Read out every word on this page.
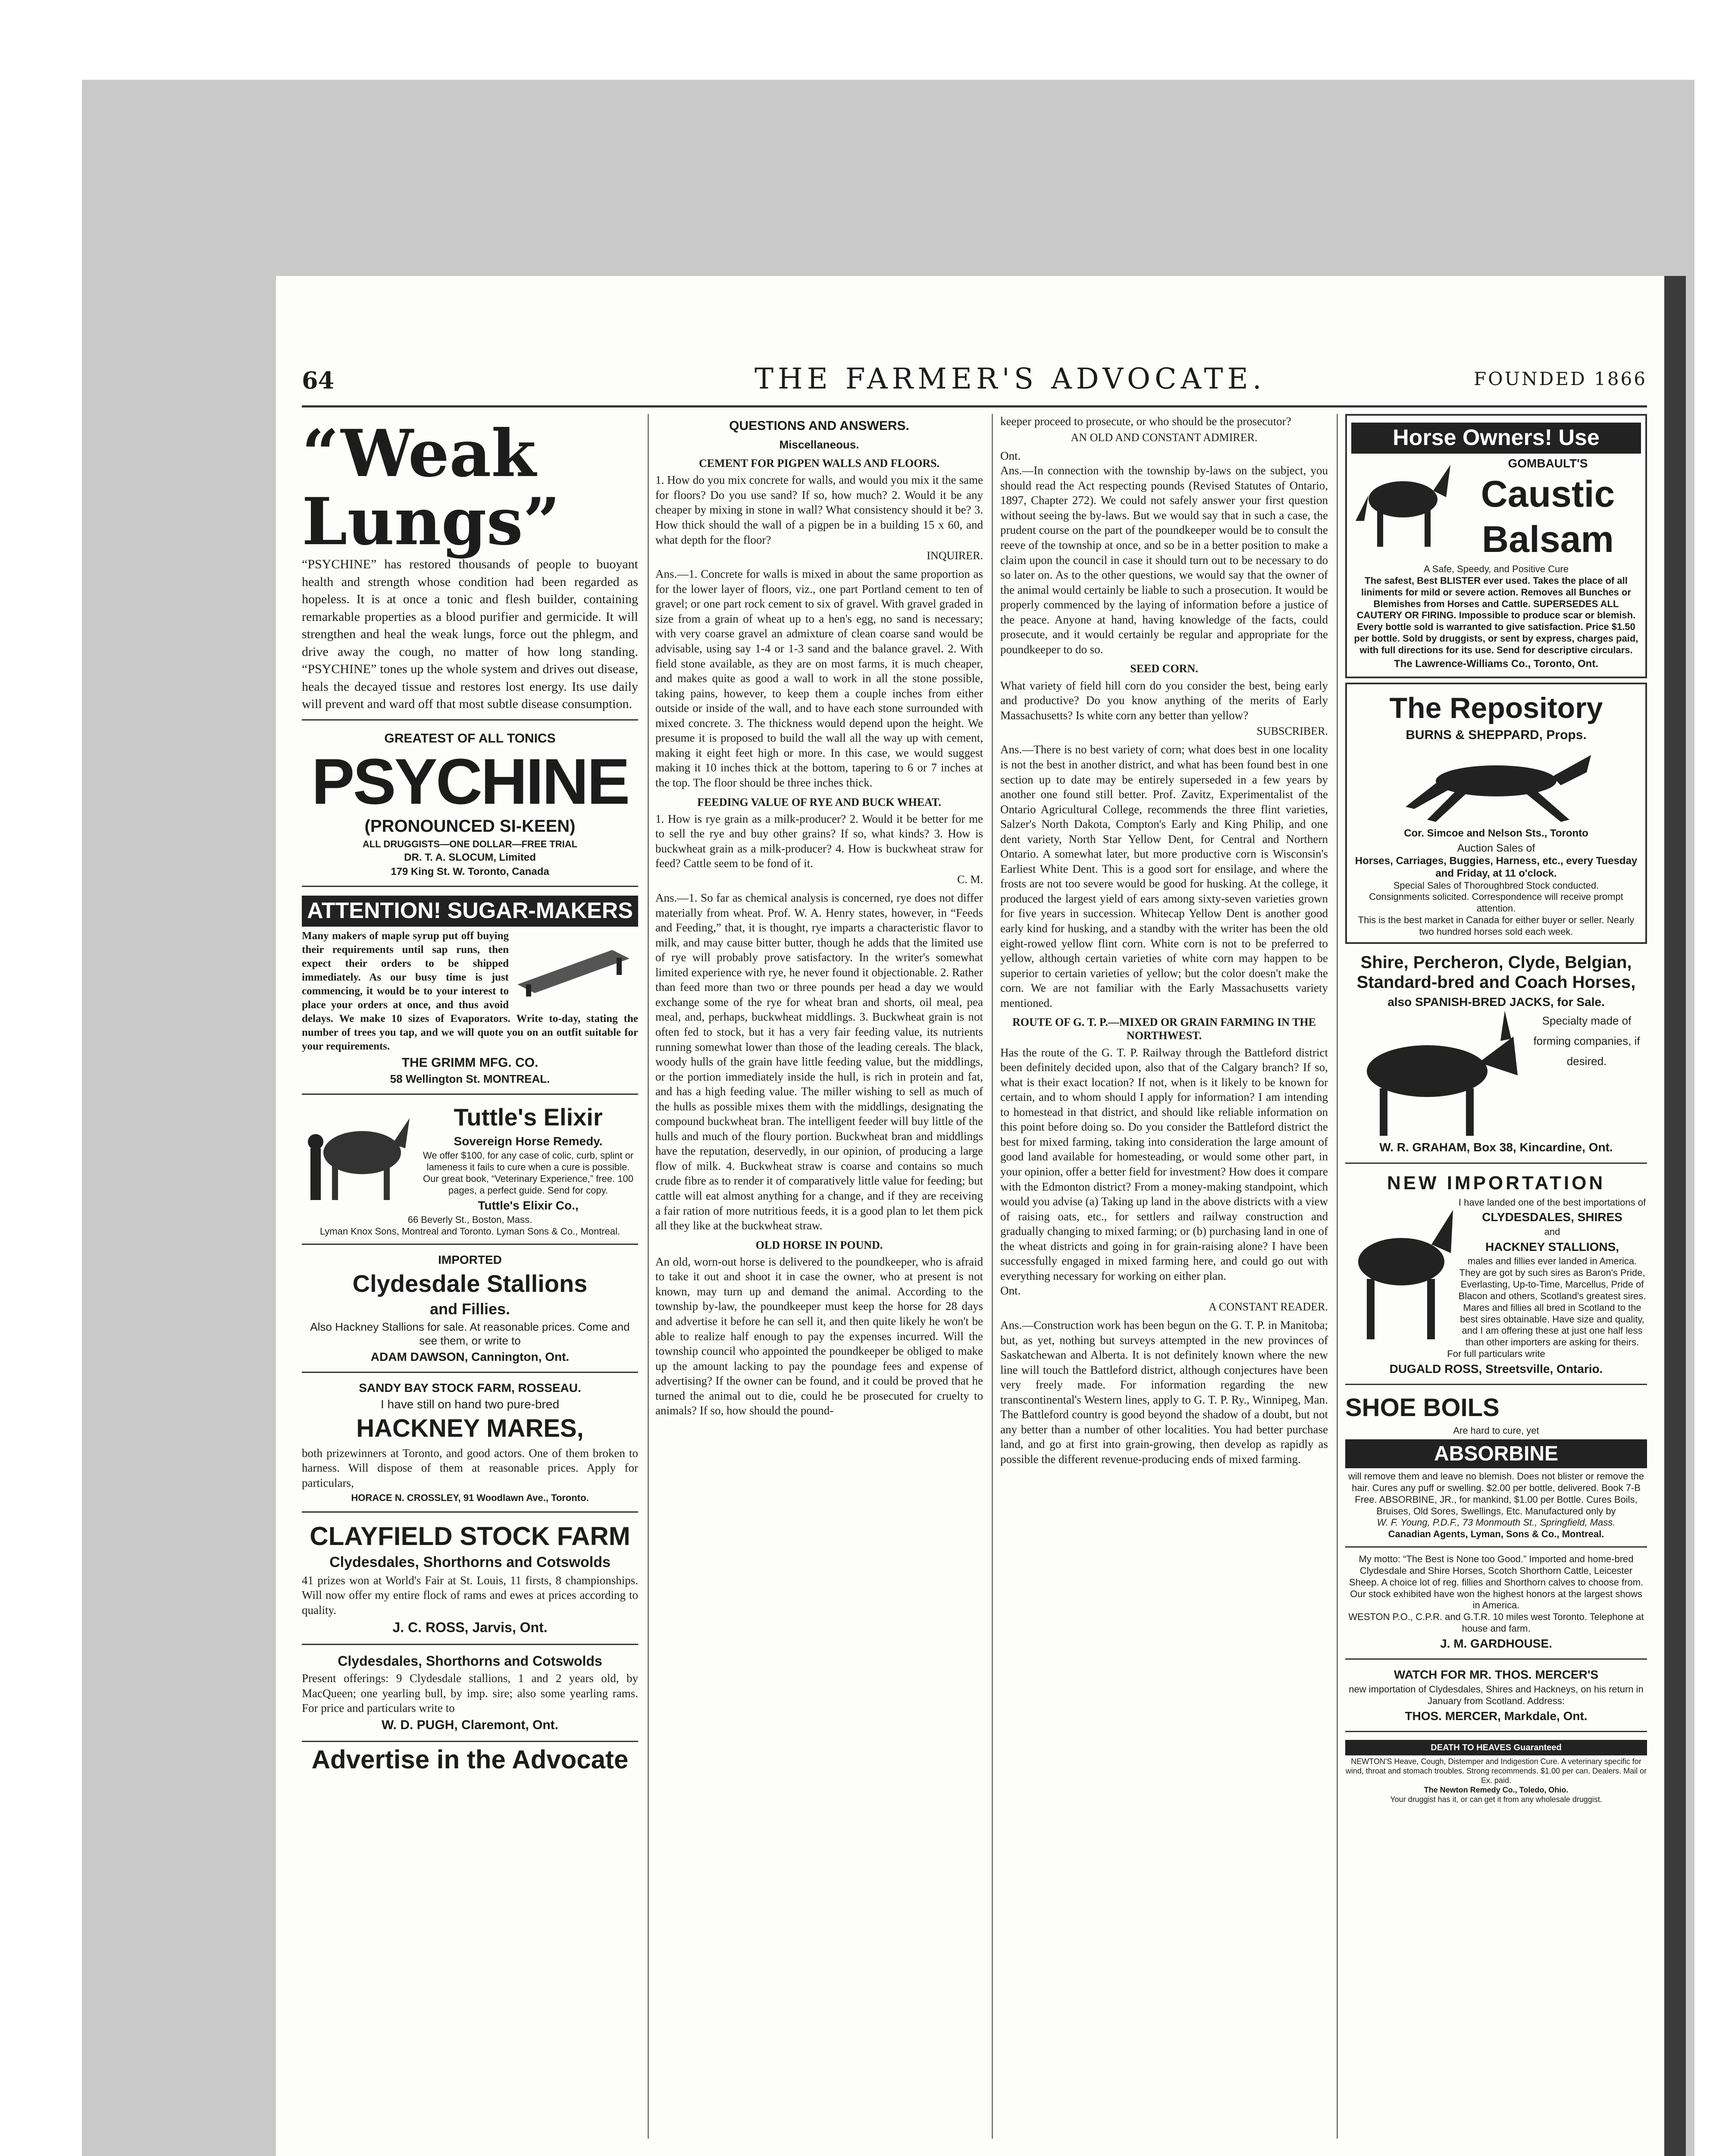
64	THE FARMER'S ADVOCATE.	FOUNDED 1866

“Weak Lungs”

“PSYCHINE” has restored thousands of people to buoyant health and strength whose condition had been regarded as hopeless. It is at once a tonic and flesh builder, containing remarkable properties as a blood purifier and germicide. It will strengthen and heal the weak lungs, force out the phlegm, and drive away the cough, no matter of how long standing. “PSYCHINE” tones up the whole system and drives out disease, heals the decayed tissue and restores lost energy. Its use daily will prevent and ward off that most subtle disease consumption.

GREATEST OF ALL TONICS

PSYCHINE

(PRONOUNCED SI-KEEN)

ALL DRUGGISTS—ONE DOLLAR—FREE TRIAL

DR. T. A. SLOCUM, Limited

179 King St. W. Toronto, Canada

ATTENTION! SUGAR-MAKERS

Many makers of maple syrup put off buying their requirements until sap runs, then expect their orders to be shipped immediately. As our busy time is just commencing, it would be to your interest to place your orders at once, and thus avoid delays. We make 10 sizes of Evaporators. Write to-day, stating the number of trees you tap, and we will quote you on an outfit suitable for your requirements.

THE GRIMM MFG. CO.

58 Wellington St. MONTREAL.

Tuttle's Elixir

Sovereign Horse Remedy.

We offer $100, for any case of colic, curb, splint or lameness it fails to cure when a cure is possible. Our great book, “Veterinary Experience,” free. 100 pages, a perfect guide. Send for copy.

Tuttle's Elixir Co.,

66 Beverly St., Boston, Mass.

Lyman Knox Sons, Montreal and Toronto. Lyman Sons & Co., Montreal.

IMPORTED

Clydesdale Stallions

and Fillies.

Also Hackney Stallions for sale. At reasonable prices. Come and see them, or write to

ADAM DAWSON, Cannington, Ont.

SANDY BAY STOCK FARM, ROSSEAU.

I have still on hand two pure-bred

HACKNEY MARES,

both prizewinners at Toronto, and good actors. One of them broken to harness. Will dispose of them at reasonable prices. Apply for particulars,

HORACE N. CROSSLEY, 91 Woodlawn Ave., Toronto.

CLAYFIELD STOCK FARM

Clydesdales, Shorthorns and Cotswolds

41 prizes won at World's Fair at St. Louis, 11 firsts, 8 championships. Will now offer my entire flock of rams and ewes at prices according to quality.

J. C. ROSS, Jarvis, Ont.

Clydesdales, Shorthorns and Cotswolds

Present offerings: 9 Clydesdale stallions, 1 and 2 years old, by MacQueen; one yearling bull, by imp. sire; also some yearling rams. For price and particulars write to

W. D. PUGH, Claremont, Ont.

Advertise in the Advocate

QUESTIONS AND ANSWERS.

Miscellaneous.

CEMENT FOR PIGPEN WALLS AND FLOORS.

1. How do you mix concrete for walls, and would you mix it the same for floors? Do you use sand? If so, how much? 2. Would it be any cheaper by mixing in stone in wall? What consistency should it be? 3. How thick should the wall of a pigpen be in a building 15 x 60, and what depth for the floor?

INQUIRER.

Ans.—1. Concrete for walls is mixed in about the same proportion as for the lower layer of floors, viz., one part Portland cement to ten of gravel; or one part rock cement to six of gravel. With gravel graded in size from a grain of wheat up to a hen's egg, no sand is necessary; with very coarse gravel an admixture of clean coarse sand would be advisable, using say 1-4 or 1-3 sand and the balance gravel. 2. With field stone available, as they are on most farms, it is much cheaper, and makes quite as good a wall to work in all the stone possible, taking pains, however, to keep them a couple inches from either outside or inside of the wall, and to have each stone surrounded with mixed concrete. 3. The thickness would depend upon the height. We presume it is proposed to build the wall all the way up with cement, making it eight feet high or more. In this case, we would suggest making it 10 inches thick at the bottom, tapering to 6 or 7 inches at the top. The floor should be three inches thick.

FEEDING VALUE OF RYE AND BUCK WHEAT.

1. How is rye grain as a milk-producer? 2. Would it be better for me to sell the rye and buy other grains? If so, what kinds? 3. How is buckwheat grain as a milk-producer? 4. How is buckwheat straw for feed? Cattle seem to be fond of it.

C. M.

Ans.—1. So far as chemical analysis is concerned, rye does not differ materially from wheat. Prof. W. A. Henry states, however, in “Feeds and Feeding,” that, it is thought, rye imparts a characteristic flavor to milk, and may cause bitter butter, though he adds that the limited use of rye will probably prove satisfactory. In the writer's somewhat limited experience with rye, he never found it objectionable. 2. Rather than feed more than two or three pounds per head a day we would exchange some of the rye for wheat bran and shorts, oil meal, pea meal, and, perhaps, buckwheat middlings. 3. Buckwheat grain is not often fed to stock, but it has a very fair feeding value, its nutrients running somewhat lower than those of the leading cereals. The black, woody hulls of the grain have little feeding value, but the middlings, or the portion immediately inside the hull, is rich in protein and fat, and has a high feeding value. The miller wishing to sell as much of the hulls as possible mixes them with the middlings, designating the compound buckwheat bran. The intelligent feeder will buy little of the hulls and much of the floury portion. Buckwheat bran and middlings have the reputation, deservedly, in our opinion, of producing a large flow of milk. 4. Buckwheat straw is coarse and contains so much crude fibre as to render it of comparatively little value for feeding; but cattle will eat almost anything for a change, and if they are receiving a fair ration of more nutritious feeds, it is a good plan to let them pick all they like at the buckwheat straw.

OLD HORSE IN POUND.

An old, worn-out horse is delivered to the poundkeeper, who is afraid to take it out and shoot it in case the owner, who at present is not known, may turn up and demand the animal. According to the township by-law, the poundkeeper must keep the horse for 28 days and advertise it before he can sell it, and then quite likely he won't be able to realize half enough to pay the expenses incurred. Will the township council who appointed the poundkeeper be obliged to make up the amount lacking to pay the poundage fees and expense of advertising? If the owner can be found, and it could be proved that he turned the animal out to die, could he be prosecuted for cruelty to animals? If so, how should the pound-

keeper proceed to prosecute, or who should be the prosecutor?

AN OLD AND CONSTANT ADMIRER.

Ont.

Ans.—In connection with the township by-laws on the subject, you should read the Act respecting pounds (Revised Statutes of Ontario, 1897, Chapter 272). We could not safely answer your first question without seeing the by-laws. But we would say that in such a case, the prudent course on the part of the poundkeeper would be to consult the reeve of the township at once, and so be in a better position to make a claim upon the council in case it should turn out to be necessary to do so later on. As to the other questions, we would say that the owner of the animal would certainly be liable to such a prosecution. It would be properly commenced by the laying of information before a justice of the peace. Anyone at hand, having knowledge of the facts, could prosecute, and it would certainly be regular and appropriate for the poundkeeper to do so.

SEED CORN.

What variety of field hill corn do you consider the best, being early and productive? Do you know anything of the merits of Early Massachusetts? Is white corn any better than yellow?

SUBSCRIBER.

Ans.—There is no best variety of corn; what does best in one locality is not the best in another district, and what has been found best in one section up to date may be entirely superseded in a few years by another one found still better. Prof. Zavitz, Experimentalist of the Ontario Agricultural College, recommends the three flint varieties, Salzer's North Dakota, Compton's Early and King Philip, and one dent variety, North Star Yellow Dent, for Central and Northern Ontario. A somewhat later, but more productive corn is Wisconsin's Earliest White Dent. This is a good sort for ensilage, and where the frosts are not too severe would be good for husking. At the college, it produced the largest yield of ears among sixty-seven varieties grown for five years in succession. Whitecap Yellow Dent is another good early kind for husking, and a standby with the writer has been the old eight-rowed yellow flint corn. White corn is not to be preferred to yellow, although certain varieties of white corn may happen to be superior to certain varieties of yellow; but the color doesn't make the corn. We are not familiar with the Early Massachusetts variety mentioned.

ROUTE OF G. T. P.—MIXED OR GRAIN FARMING IN THE NORTHWEST.

Has the route of the G. T. P. Railway through the Battleford district been definitely decided upon, also that of the Calgary branch? If so, what is their exact location? If not, when is it likely to be known for certain, and to whom should I apply for information? I am intending to homestead in that district, and should like reliable information on this point before doing so. Do you consider the Battleford district the best for mixed farming, taking into consideration the large amount of good land available for homesteading, or would some other part, in your opinion, offer a better field for investment? How does it compare with the Edmonton district? From a money-making standpoint, which would you advise (a) Taking up land in the above districts with a view of raising oats, etc., for settlers and railway construction and gradually changing to mixed farming; or (b) purchasing land in one of the wheat districts and going in for grain-raising alone? I have been successfully engaged in mixed farming here, and could go out with everything necessary for working on either plan.

Ont.

A CONSTANT READER.

Ans.—Construction work has been begun on the G. T. P. in Manitoba; but, as yet, nothing but surveys attempted in the new provinces of Saskatchewan and Alberta. It is not definitely known where the new line will touch the Battleford district, although conjectures have been very freely made. For information regarding the new transcontinental's Western lines, apply to G. T. P. Ry., Winnipeg, Man. The Battleford country is good beyond the shadow of a doubt, but not any better than a number of other localities. You had better purchase land, and go at first into grain-growing, then develop as rapidly as possible the different revenue-producing ends of mixed farming.

Horse Owners! Use

GOMBAULT'S

Caustic

Balsam

A Safe, Speedy, and Positive Cure

The safest, Best BLISTER ever used. Takes the place of all liniments for mild or severe action. Removes all Bunches or Blemishes from Horses and Cattle. SUPERSEDES ALL CAUTERY OR FIRING. Impossible to produce scar or blemish. Every bottle sold is warranted to give satisfaction. Price $1.50 per bottle. Sold by druggists, or sent by express, charges paid, with full directions for its use. Send for descriptive circulars.

The Lawrence-Williams Co., Toronto, Ont.

The Repository

BURNS & SHEPPARD, Props.

Cor. Simcoe and Nelson Sts., Toronto

Auction Sales of

Horses, Carriages, Buggies, Harness, etc., every Tuesday and Friday, at 11 o'clock.

Special Sales of Thoroughbred Stock conducted.

Consignments solicited. Correspondence will receive prompt attention.

This is the best market in Canada for either buyer or seller. Nearly two hundred horses sold each week.

Shire, Percheron, Clyde, Belgian, Standard-bred and Coach Horses,

also SPANISH-BRED JACKS, for Sale.

Specialty made of forming companies, if desired.

W. R. GRAHAM, Box 38, Kincardine, Ont.

NEW IMPORTATION

I have landed one of the best importations of

CLYDESDALES, SHIRES

and

HACKNEY STALLIONS,

males and fillies ever landed in America. They are got by such sires as Baron's Pride, Everlasting, Up-to-Time, Marcellus, Pride of Blacon and others, Scotland's greatest sires. Mares and fillies all bred in Scotland to the best sires obtainable. Have size and quality, and I am offering these at just one half less than other importers are asking for theirs. For full particulars write

DUGALD ROSS, Streetsville, Ontario.

SHOE BOILS

Are hard to cure, yet

ABSORBINE

will remove them and leave no blemish. Does not blister or remove the hair. Cures any puff or swelling. $2.00 per bottle, delivered. Book 7-B Free. ABSORBINE, JR., for mankind, $1.00 per Bottle. Cures Boils, Bruises, Old Sores, Swellings, Etc. Manufactured only by

W. F. Young, P.D.F., 73 Monmouth St., Springfield, Mass.

Canadian Agents, Lyman, Sons & Co., Montreal.

My motto: “The Best is None too Good.” Imported and home-bred Clydesdale and Shire Horses, Scotch Shorthorn Cattle, Leicester Sheep. A choice lot of reg. fillies and Shorthorn calves to choose from. Our stock exhibited have won the highest honors at the largest shows in America.

WESTON P.O., C.P.R. and G.T.R. 10 miles west Toronto. Telephone at house and farm.

J. M. GARDHOUSE.

WATCH FOR MR. THOS. MERCER'S

new importation of Clydesdales, Shires and Hackneys, on his return in January from Scotland. Address:

THOS. MERCER, Markdale, Ont.

DEATH TO HEAVES Guaranteed

NEWTON'S Heave, Cough, Distemper and Indigestion Cure. A veterinary specific for wind, throat and stomach troubles. Strong recommends. $1.00 per can. Dealers. Mail or Ex. paid.

The Newton Remedy Co., Toledo, Ohio.

Your druggist has it, or can get it from any wholesale druggist.
